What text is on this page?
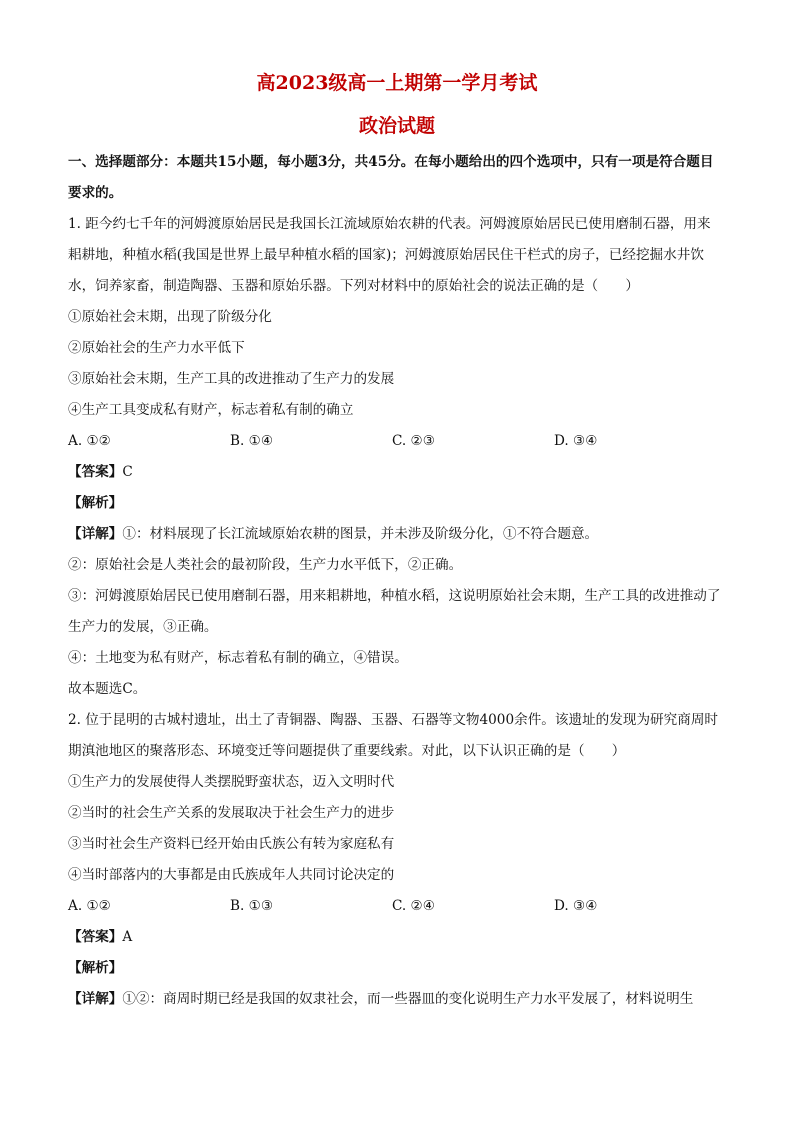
高2023级高一上期第一学月考试
政治试题
一、选择题部分：本题共15小题，每小题3分，共45分。在每小题给出的四个选项中，只有一项是符合题目要求的。
1. 距今约七千年的河姆渡原始居民是我国长江流域原始农耕的代表。河姆渡原始居民已使用磨制石器，用来耜耕地，种植水稻(我国是世界上最早种植水稻的国家)；河姆渡原始居民住干栏式的房子，已经挖掘水井饮水，饲养家畜，制造陶器、玉器和原始乐器。下列对材料中的原始社会的说法正确的是（　　）
①原始社会末期，出现了阶级分化
②原始社会的生产力水平低下
③原始社会末期，生产工具的改进推动了生产力的发展
④生产工具变成私有财产，标志着私有制的确立
A. ①②	B. ①④	C. ②③	D. ③④
【答案】C
【解析】
【详解】①：材料展现了长江流域原始农耕的图景，并未涉及阶级分化，①不符合题意。
②：原始社会是人类社会的最初阶段，生产力水平低下，②正确。
③：河姆渡原始居民已使用磨制石器，用来耜耕地，种植水稻，这说明原始社会末期，生产工具的改进推动了生产力的发展，③正确。
④：土地变为私有财产，标志着私有制的确立，④错误。
故本题选C。
2. 位于昆明的古城村遗址，出土了青铜器、陶器、玉器、石器等文物4000余件。该遗址的发现为研究商周时期滇池地区的聚落形态、环境变迁等问题提供了重要线索。对此，以下认识正确的是（　　）
①生产力的发展使得人类摆脱野蛮状态，迈入文明时代
②当时的社会生产关系的发展取决于社会生产力的进步
③当时社会生产资料已经开始由氏族公有转为家庭私有
④当时部落内的大事都是由氏族成年人共同讨论决定的
A. ①②	B. ①③	C. ②④	D. ③④
【答案】A
【解析】
【详解】①②：商周时期已经是我国的奴隶社会，而一些器皿的变化说明生产力水平发展了，材料说明生
